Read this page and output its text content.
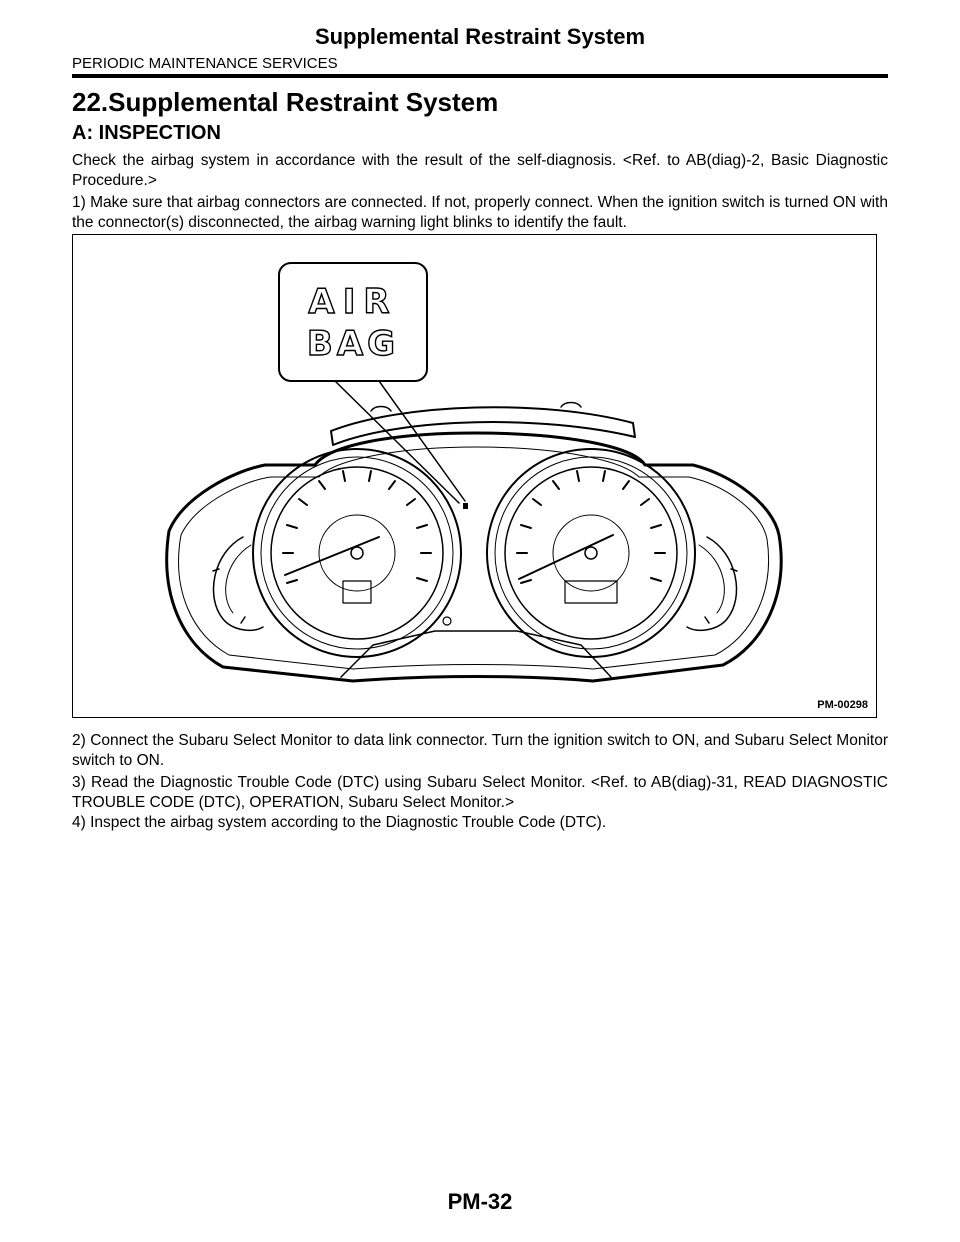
Supplemental Restraint System
PERIODIC MAINTENANCE SERVICES
22.Supplemental Restraint System
A: INSPECTION
Check the airbag system in accordance with the result of the self-diagnosis. <Ref. to AB(diag)-2, Basic Diagnostic Procedure.>
1) Make sure that airbag connectors are connected. If not, properly connect. When the ignition switch is turned ON with the connector(s) disconnected, the airbag warning light blinks to identify the fault.
AIR
BAG
PM-00298
2) Connect the Subaru Select Monitor to data link connector. Turn the ignition switch to ON, and Subaru Select Monitor switch to ON.
3) Read the Diagnostic Trouble Code (DTC) using Subaru Select Monitor. <Ref. to AB(diag)-31, READ DIAGNOSTIC TROUBLE CODE (DTC), OPERATION, Subaru Select Monitor.>
4) Inspect the airbag system according to the Diagnostic Trouble Code (DTC).
PM-32
